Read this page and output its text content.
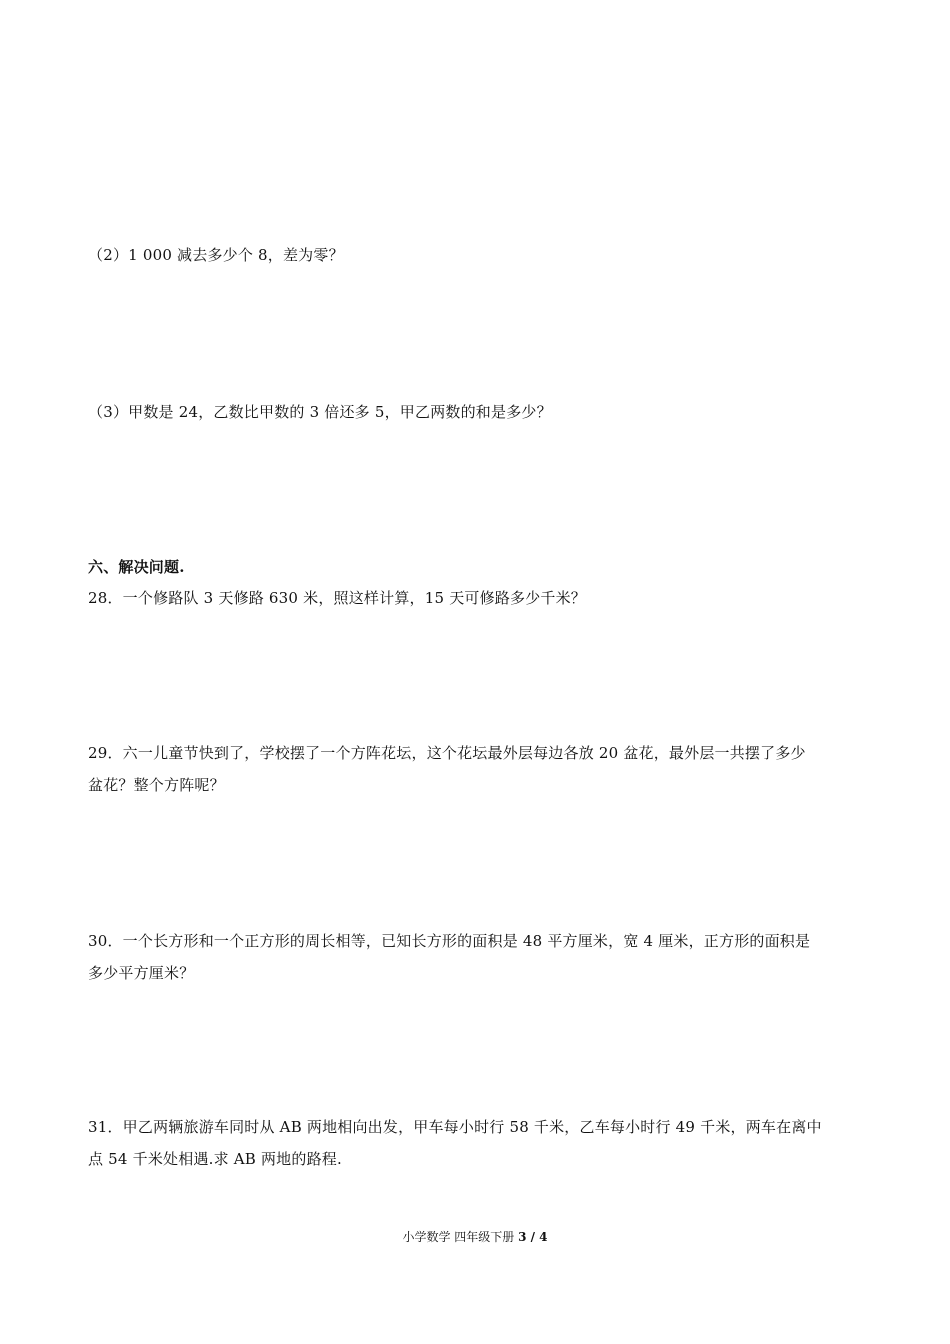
（2）1 000 减去多少个 8，差为零？
（3）甲数是 24，乙数比甲数的 3 倍还多 5，甲乙两数的和是多少？
六、解决问题.
28．一个修路队 3 天修路 630 米，照这样计算，15 天可修路多少千米？
29．六一儿童节快到了，学校摆了一个方阵花坛，这个花坛最外层每边各放 20 盆花，最外层一共摆了多少
盆花？整个方阵呢？
30．一个长方形和一个正方形的周长相等，已知长方形的面积是 48 平方厘米，宽 4 厘米，正方形的面积是
多少平方厘米？
31．甲乙两辆旅游车同时从 AB 两地相向出发，甲车每小时行 58 千米，乙车每小时行 49 千米，两车在离中
点 54 千米处相遇.求 AB 两地的路程.
小学数学 四年级下册 3 / 4
